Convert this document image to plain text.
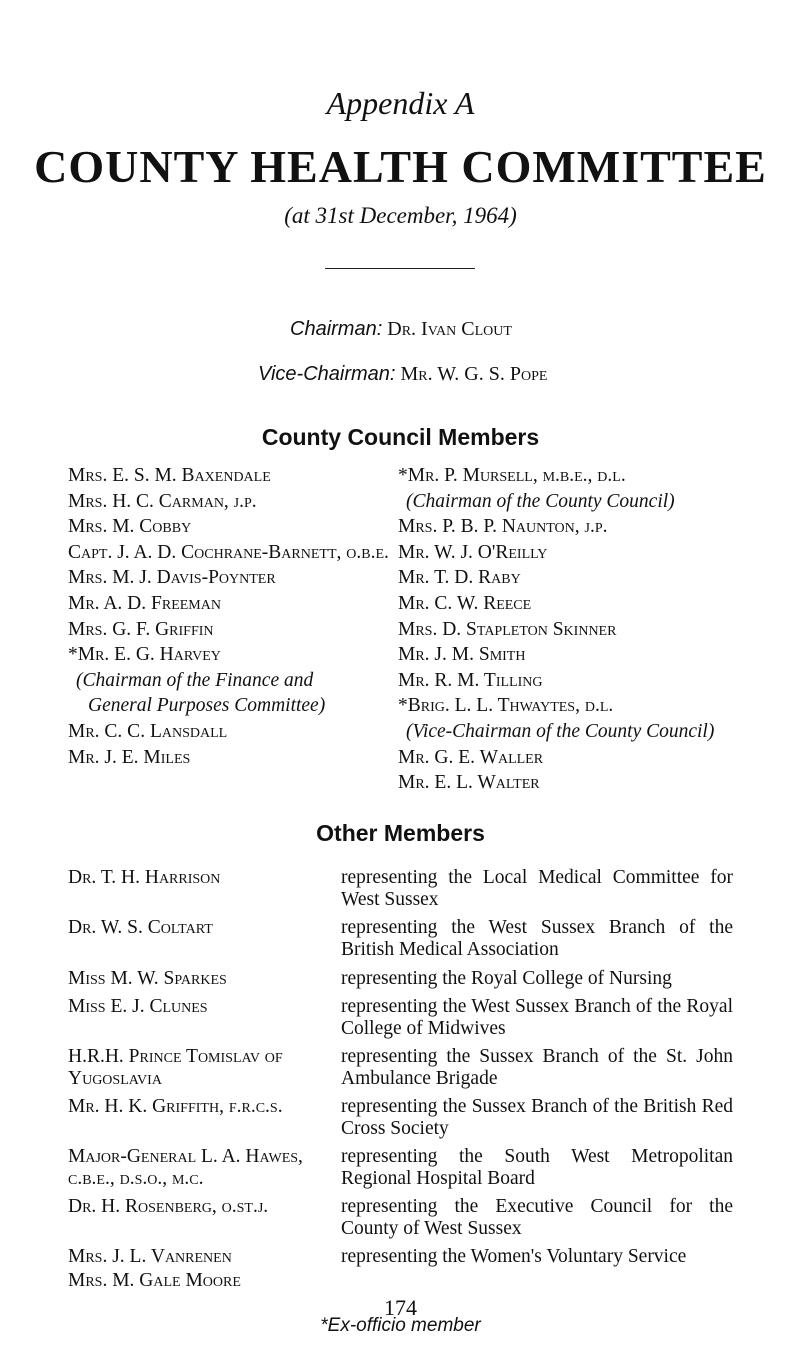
Appendix A
COUNTY HEALTH COMMITTEE
(at 31st December, 1964)
Chairman: Dr. Ivan Clout
Vice-Chairman: Mr. W. G. S. Pope
County Council Members
Mrs. E. S. M. Baxendale
Mrs. H. C. Carman, j.p.
Mrs. M. Cobby
Capt. J. A. D. Cochrane-Barnett, o.b.e.
Mrs. M. J. Davis-Poynter
Mr. A. D. Freeman
Mrs. G. F. Griffin
*Mr. E. G. Harvey
(Chairman of the Finance and
General Purposes Committee)
Mr. C. C. Lansdall
Mr. J. E. Miles
*Mr. P. Mursell, m.b.e., d.l.
(Chairman of the County Council)
Mrs. P. B. P. Naunton, j.p.
Mr. W. J. O'Reilly
Mr. T. D. Raby
Mr. C. W. Reece
Mrs. D. Stapleton Skinner
Mr. J. M. Smith
Mr. R. M. Tilling
*Brig. L. L. Thwaytes, d.l.
(Vice-Chairman of the County Council)
Mr. G. E. Waller
Mr. E. L. Walter
Other Members
Dr. T. H. Harrison	representing the Local Medical Committee for West Sussex
Dr. W. S. Coltart	representing the West Sussex Branch of the British Medical Association
Miss M. W. Sparkes	representing the Royal College of Nursing
Miss E. J. Clunes	representing the West Sussex Branch of the Royal College of Midwives
H.R.H. Prince Tomislav of Yugoslavia
representing the Sussex Branch of the St. John Ambulance Brigade
Mr. H. K. Griffith, f.r.c.s.	representing the Sussex Branch of the British Red Cross Society
Major-General L. A. Hawes, c.b.e., d.s.o., m.c.
representing the South West Metropolitan Regional Hospital Board
Dr. H. Rosenberg, o.st.j.	representing the Executive Council for the County of West Sussex
Mrs. J. L. Vanrenen	representing the Women's Voluntary Service
Mrs. M. Gale Moore
*Ex-officio member
174
